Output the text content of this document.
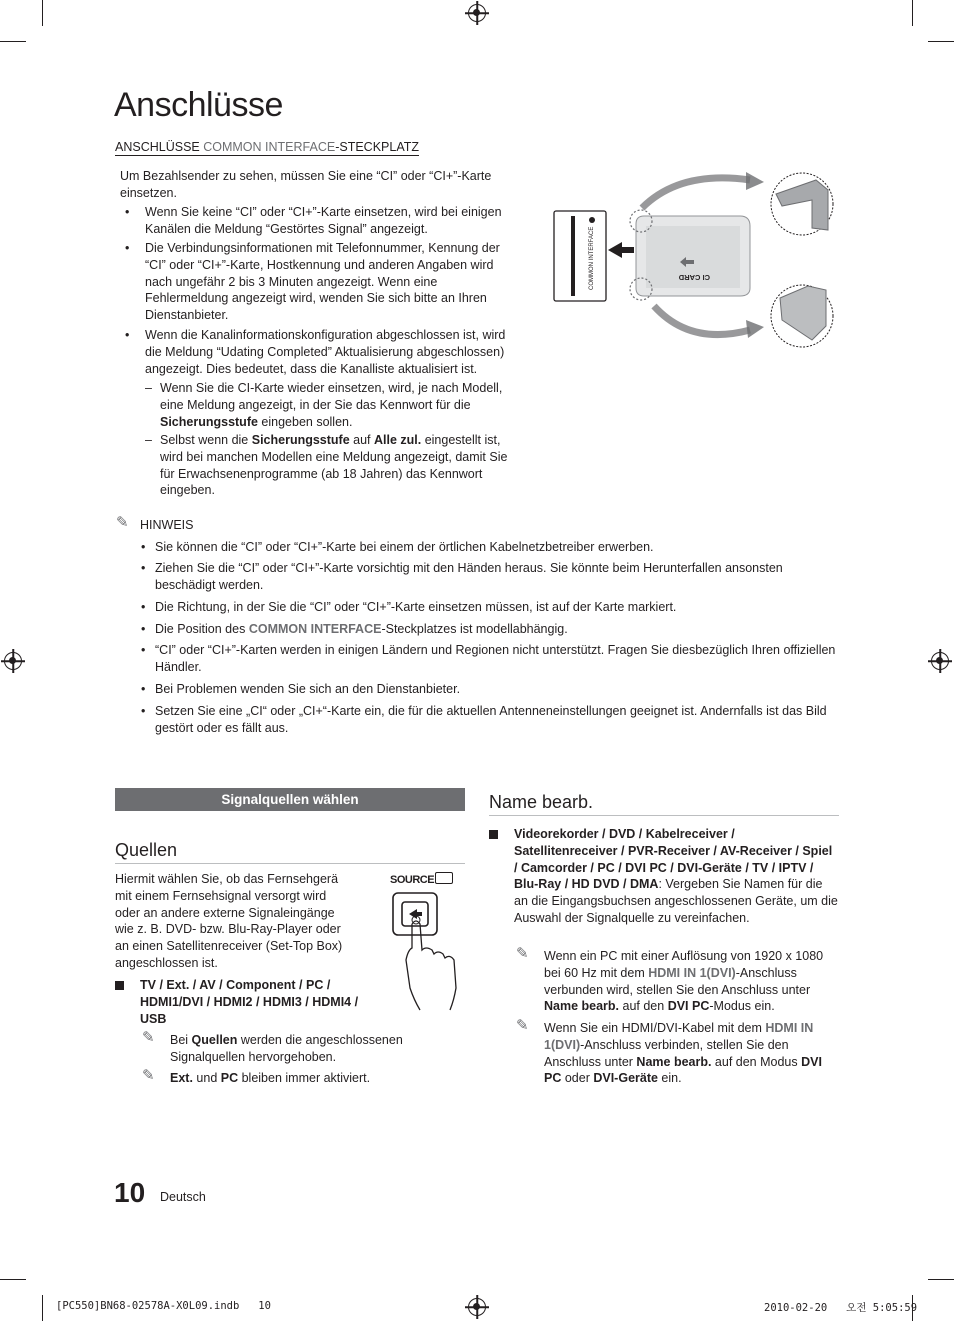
Anschlüsse
ANSCHLÜSSE COMMON INTERFACE-STECKPLATZ
Um Bezahlsender zu sehen, müssen Sie eine “CI” oder “CI+”-Karte einsetzen.
• Wenn Sie keine “CI” oder “CI+”-Karte einsetzen, wird bei einigen Kanälen die Meldung “Gestörtes Signal” angezeigt.
• Die Verbindungsinformationen mit Telefonnummer, Kennung der “CI” oder “CI+”-Karte, Hostkennung und anderen Angaben wird nach ungefähr 2 bis 3 Minuten angezeigt. Wenn eine Fehlermeldung angezeigt wird, wenden Sie sich bitte an Ihren Dienstanbieter.
• Wenn die Kanalinformationskonfiguration abgeschlossen ist, wird die Meldung “Udating Completed” Aktualisierung abgeschlossen) angezeigt. Dies bedeutet, dass die Kanalliste aktualisiert ist.
– Wenn Sie die CI-Karte wieder einsetzen, wird, je nach Modell, eine Meldung angezeigt, in der Sie das Kennwort für die Sicherungsstufe eingeben sollen.
– Selbst wenn die Sicherungsstufe auf Alle zul. eingestellt ist, wird bei manchen Modellen eine Meldung angezeigt, damit Sie für Erwachsenenprogramme (ab 18 Jahren) das Kennwort eingeben.
COMMON INTERFACE	CI CARD
✎ HINWEIS
• Sie können die “CI” oder “CI+”-Karte bei einem der örtlichen Kabelnetzbetreiber erwerben.
• Ziehen Sie die “CI” oder “CI+”-Karte vorsichtig mit den Händen heraus. Sie könnte beim Herunterfallen ansonsten beschädigt werden.
• Die Richtung, in der Sie die “CI” oder “CI+”-Karte einsetzen müssen, ist auf der Karte markiert.
• Die Position des COMMON INTERFACE-Steckplatzes ist modellabhängig.
• “CI” oder “CI+”-Karten werden in einigen Ländern und Regionen nicht unterstützt. Fragen Sie diesbezüglich Ihren offiziellen Händler.
• Bei Problemen wenden Sie sich an den Dienstanbieter.
• Setzen Sie eine „CI“ oder „CI+“-Karte ein, die für die aktuellen Antenneneinstellungen geeignet ist. Andernfalls ist das Bild gestört oder es fällt aus.
Signalquellen wählen
Quellen
Hiermit wählen Sie, ob das Fernsehgerä mit einem Fernsehsignal versorgt wird oder an andere externe Signaleingänge wie z. B. DVD- bzw. Blu-Ray-Player oder an einen Satellitenreceiver (Set-Top Box) angeschlossen ist.
SOURCE
TV / Ext. / AV / Component / PC / HDMI1/DVI / HDMI2 / HDMI3 / HDMI4 / USB
✎ Bei Quellen werden die angeschlossenen Signalquellen hervorgehoben.
✎ Ext. und PC bleiben immer aktiviert.
Name bearb.
Videorekorder / DVD / Kabelreceiver / Satellitenreceiver / PVR-Receiver / AV-Receiver / Spiel / Camcorder / PC / DVI PC / DVI-Geräte / TV / IPTV / Blu-Ray / HD DVD / DMA: Vergeben Sie Namen für die an die Eingangsbuchsen angeschlossenen Geräte, um die Auswahl der Signalquelle zu vereinfachen.
✎ Wenn ein PC mit einer Auflösung von 1920 x 1080 bei 60 Hz mit dem HDMI IN 1(DVI)-Anschluss verbunden wird, stellen Sie den Anschluss unter Name bearb. auf den DVI PC-Modus ein.
✎ Wenn Sie ein HDMI/DVI-Kabel mit dem HDMI IN 1(DVI)-Anschluss verbinden, stellen Sie den Anschluss unter Name bearb. auf den Modus DVI PC oder DVI-Geräte ein.
10 Deutsch
[PC550]BN68-02578A-X0L09.indb   10	2010-02-20   오전 5:05:59
